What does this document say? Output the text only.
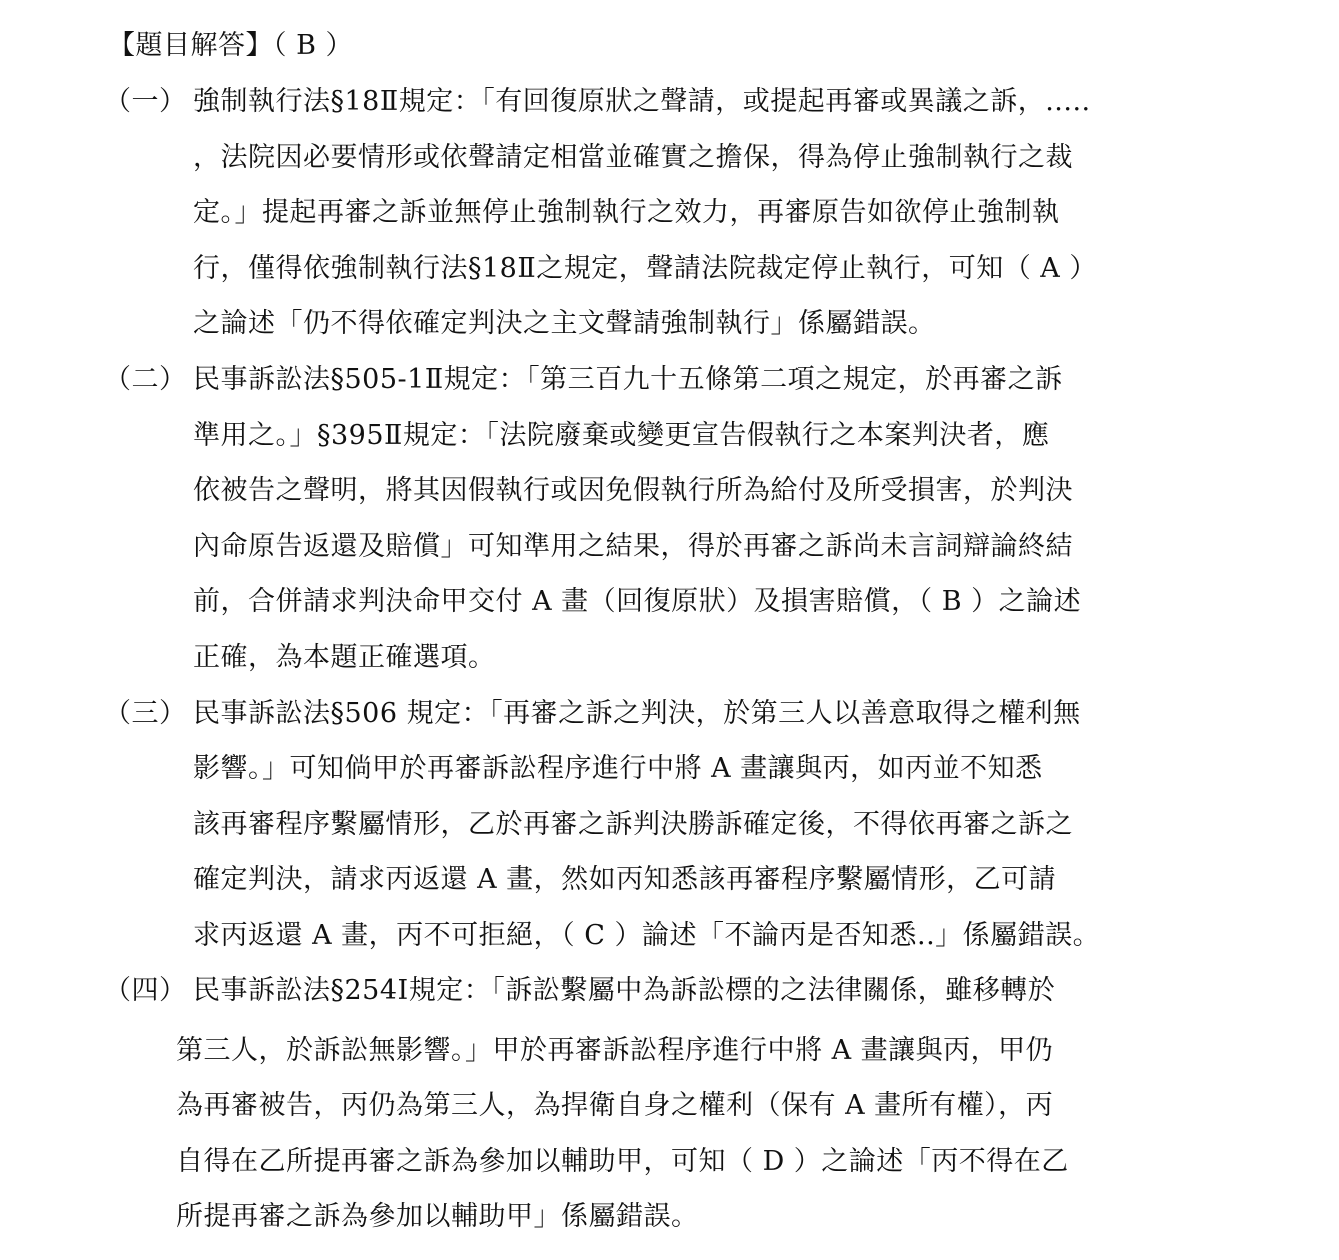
【題目解答】（ B ）
（一） 強制執行法§18Ⅱ規定：「有回復原狀之聲請，或提起再審或異議之訴，.....
，法院因必要情形或依聲請定相當並確實之擔保，得為停止強制執行之裁
定。」提起再審之訴並無停止強制執行之效力，再審原告如欲停止強制執
行，僅得依強制執行法§18Ⅱ之規定，聲請法院裁定停止執行，可知（ A ）
之論述「仍不得依確定判決之主文聲請強制執行」係屬錯誤。
（二） 民事訴訟法§505-1Ⅱ規定：「第三百九十五條第二項之規定，於再審之訴
準用之。」§395Ⅱ規定：「法院廢棄或變更宣告假執行之本案判決者，應
依被告之聲明，將其因假執行或因免假執行所為給付及所受損害，於判決
內命原告返還及賠償」可知準用之結果，得於再審之訴尚未言詞辯論終結
前，合併請求判決命甲交付 A 畫（回復原狀）及損害賠償，（ B ）之論述
正確，為本題正確選項。
（三） 民事訴訟法§506 規定：「再審之訴之判決，於第三人以善意取得之權利無
影響。」可知倘甲於再審訴訟程序進行中將 A 畫讓與丙，如丙並不知悉
該再審程序繫屬情形，乙於再審之訴判決勝訴確定後，不得依再審之訴之
確定判決，請求丙返還 A 畫，然如丙知悉該再審程序繫屬情形，乙可請
求丙返還 A 畫，丙不可拒絕，（ C ）論述「不論丙是否知悉..」係屬錯誤。
（四） 民事訴訟法§254Ⅰ規定：「訴訟繫屬中為訴訟標的之法律關係，雖移轉於
第三人，於訴訟無影響。」甲於再審訴訟程序進行中將 A 畫讓與丙，甲仍
為再審被告，丙仍為第三人，為捍衛自身之權利（保有 A 畫所有權），丙
自得在乙所提再審之訴為參加以輔助甲，可知（ D ）之論述「丙不得在乙
所提再審之訴為參加以輔助甲」係屬錯誤。
